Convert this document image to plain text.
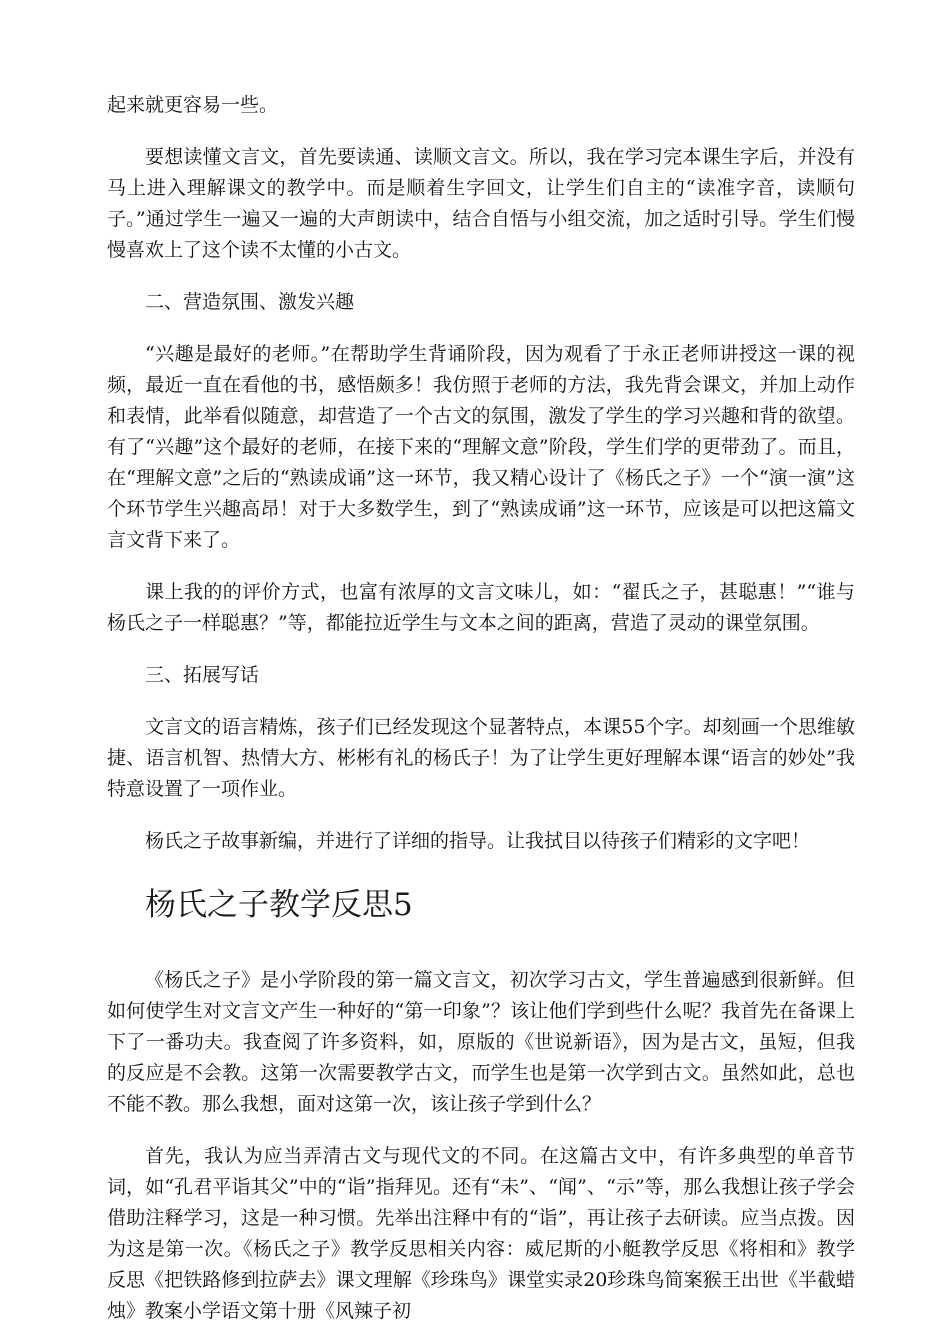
起来就更容易一些。

要想读懂文言文，首先要读通、读顺文言文。所以，我在学习完本课生字后，并没有马上进入理解课文的教学中。而是顺着生字回文，让学生们自主的“读准字音，读顺句子。”通过学生一遍又一遍的大声朗读中，结合自悟与小组交流，加之适时引导。学生们慢慢喜欢上了这个读不太懂的小古文。

二、营造氛围、激发兴趣

“兴趣是最好的老师。”在帮助学生背诵阶段，因为观看了于永正老师讲授这一课的视频，最近一直在看他的书，感悟颇多！我仿照于老师的方法，我先背会课文，并加上动作和表情，此举看似随意，却营造了一个古文的氛围，激发了学生的学习兴趣和背的欲望。有了“兴趣”这个最好的老师，在接下来的“理解文意”阶段，学生们学的更带劲了。而且，在“理解文意”之后的“熟读成诵”这一环节，我又精心设计了《杨氏之子》一个“演一演”这个环节学生兴趣高昂！对于大多数学生，到了“熟读成诵”这一环节，应该是可以把这篇文言文背下来了。

课上我的的评价方式，也富有浓厚的文言文味儿，如：“翟氏之子，甚聪惠！”“谁与杨氏之子一样聪惠？”等，都能拉近学生与文本之间的距离，营造了灵动的课堂氛围。

三、拓展写话

文言文的语言精炼，孩子们已经发现这个显著特点，本课55个字。却刻画一个思维敏捷、语言机智、热情大方、彬彬有礼的杨氏子！为了让学生更好理解本课“语言的妙处”我特意设置了一项作业。

杨氏之子故事新编，并进行了详细的指导。让我拭目以待孩子们精彩的文字吧！

杨氏之子教学反思5

《杨氏之子》是小学阶段的第一篇文言文，初次学习古文，学生普遍感到很新鲜。但如何使学生对文言文产生一种好的“第一印象”？该让他们学到些什么呢？我首先在备课上下了一番功夫。我查阅了许多资料，如，原版的《世说新语》，因为是古文，虽短，但我的反应是不会教。这第一次需要教学古文，而学生也是第一次学到古文。虽然如此，总也不能不教。那么我想，面对这第一次，该让孩子学到什么？

首先，我认为应当弄清古文与现代文的不同。在这篇古文中，有许多典型的单音节词，如“孔君平诣其父”中的“诣”指拜见。还有“未”、“闻”、“示”等，那么我想让孩子学会借助注释学习，这是一种习惯。先举出注释中有的“诣”，再让孩子去研读。应当点拨。因为这是第一次。《杨氏之子》教学反思相关内容：威尼斯的小艇教学反思《将相和》教学反思《把铁路修到拉萨去》课文理解《珍珠鸟》课堂实录20珍珠鸟简案猴王出世《半截蜡烛》教案小学语文第十册《风辣子初
